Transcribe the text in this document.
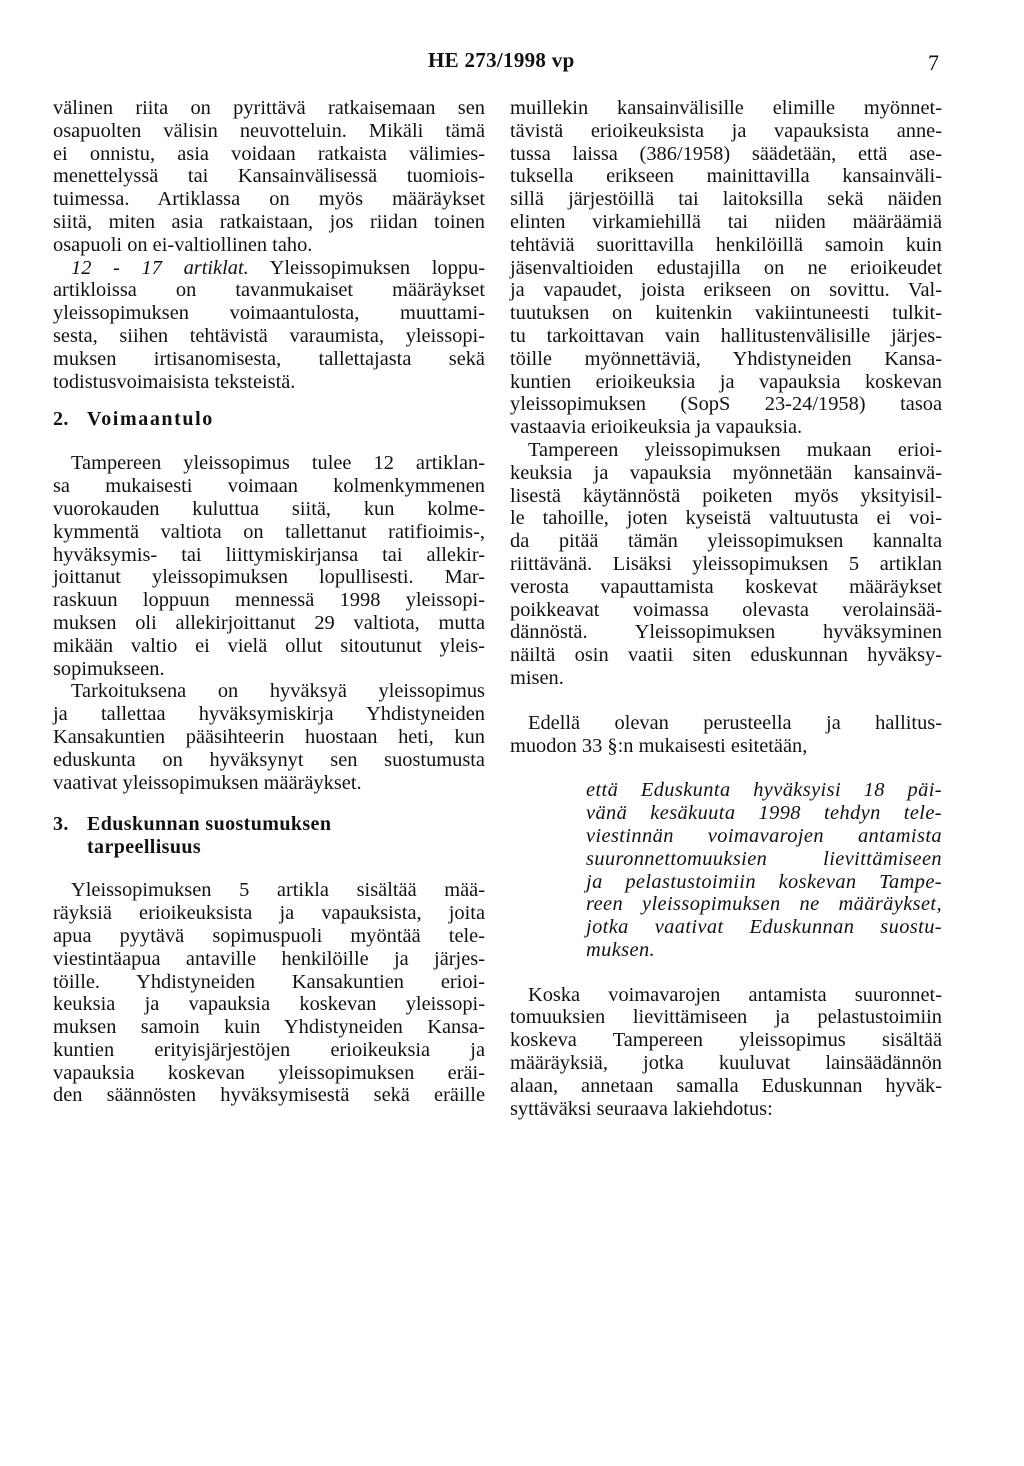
HE 273/1998 vp	7
välinen riita on pyrittävä ratkaisemaan sen
osapuolten välisin neuvotteluin. Mikäli tämä
ei onnistu, asia voidaan ratkaista välimies-
menettelyssä tai Kansainvälisessä tuomiois-
tuimessa. Artiklassa on myös määräykset
siitä, miten asia ratkaistaan, jos riidan toinen
osapuoli on ei-valtiollinen taho.
12 - 17 artiklat. Yleissopimuksen loppu-
artikloissa on tavanmukaiset määräykset
yleissopimuksen voimaantulosta, muuttami-
sesta, siihen tehtävistä varaumista, yleissopi-
muksen irtisanomisesta, tallettajasta sekä
todistusvoimaisista teksteistä.

2. Voimaantulo

Tampereen yleissopimus tulee 12 artiklan-
sa mukaisesti voimaan kolmenkymmenen
vuorokauden kuluttua siitä, kun kolme-
kymmentä valtiota on tallettanut ratifioimis-,
hyväksymis- tai liittymiskirjansa tai allekir-
joittanut yleissopimuksen lopullisesti. Mar-
raskuun loppuun mennessä 1998 yleissopi-
muksen oli allekirjoittanut 29 valtiota, mutta
mikään valtio ei vielä ollut sitoutunut yleis-
sopimukseen.
Tarkoituksena on hyväksyä yleissopimus
ja tallettaa hyväksymiskirja Yhdistyneiden
Kansakuntien pääsihteerin huostaan heti, kun
eduskunta on hyväksynyt sen suostumusta
vaativat yleissopimuksen määräykset.

3. Eduskunnan suostumuksen
tarpeellisuus

Yleissopimuksen 5 artikla sisältää mää-
räyksiä erioikeuksista ja vapauksista, joita
apua pyytävä sopimuspuoli myöntää tele-
viestintäapua antaville henkilöille ja järjes-
töille. Yhdistyneiden Kansakuntien erioi-
keuksia ja vapauksia koskevan yleissopi-
muksen samoin kuin Yhdistyneiden Kansa-
kuntien erityisjärjestöjen erioikeuksia ja
vapauksia koskevan yleissopimuksen eräi-
den säännösten hyväksymisestä sekä eräille
muillekin kansainvälisille elimille myönnet-
tävistä erioikeuksista ja vapauksista anne-
tussa laissa (386/1958) säädetään, että ase-
tuksella erikseen mainittavilla kansainväli-
sillä järjestöillä tai laitoksilla sekä näiden
elinten virkamiehillä tai niiden määräämiä
tehtäviä suorittavilla henkilöillä samoin kuin
jäsenvaltioiden edustajilla on ne erioikeudet
ja vapaudet, joista erikseen on sovittu. Val-
tuutuksen on kuitenkin vakiintuneesti tulkit-
tu tarkoittavan vain hallitustenvälisille järjes-
töille myönnettäviä, Yhdistyneiden Kansa-
kuntien erioikeuksia ja vapauksia koskevan
yleissopimuksen (SopS 23-24/1958) tasoa
vastaavia erioikeuksia ja vapauksia.
Tampereen yleissopimuksen mukaan erioi-
keuksia ja vapauksia myönnetään kansainvä-
lisestä käytännöstä poiketen myös yksityisil-
le tahoille, joten kyseistä valtuutusta ei voi-
da pitää tämän yleissopimuksen kannalta
riittävänä. Lisäksi yleissopimuksen 5 artiklan
verosta vapauttamista koskevat määräykset
poikkeavat voimassa olevasta verolainsää-
dännöstä. Yleissopimuksen hyväksyminen
näiltä osin vaatii siten eduskunnan hyväksy-
misen.
Edellä olevan perusteella ja hallitus-
muodon 33 §:n mukaisesti esitetään,
että Eduskunta hyväksyisi 18 päi-
vänä kesäkuuta 1998 tehdyn tele-
viestinnän voimavarojen antamista
suuronnettomuuksien lievittämiseen
ja pelastustoimiin koskevan Tampe-
reen yleissopimuksen ne määräykset,
jotka vaativat Eduskunnan suostu-
muksen.
Koska voimavarojen antamista suuronnet-
tomuuksien lievittämiseen ja pelastustoimiin
koskeva Tampereen yleissopimus sisältää
määräyksiä, jotka kuuluvat lainsäädännön
alaan, annetaan samalla Eduskunnan hyväk-
syttäväksi seuraava lakiehdotus:
